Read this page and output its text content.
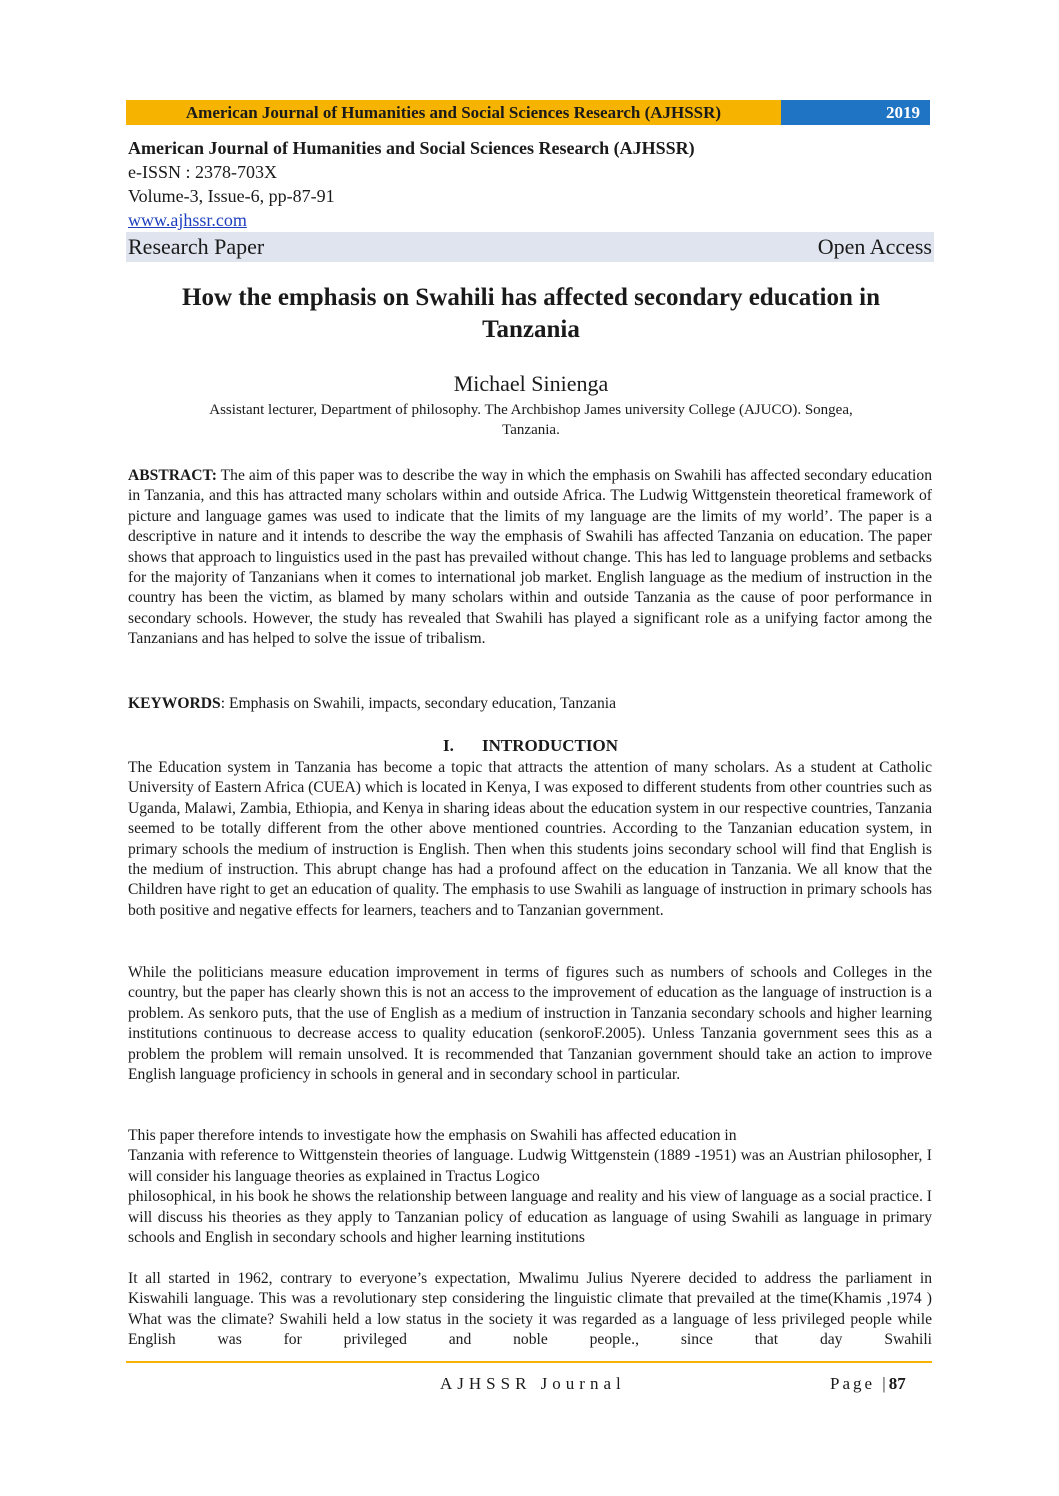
American Journal of Humanities and Social Sciences Research (AJHSSR)	2019
American Journal of Humanities and Social Sciences Research (AJHSSR)
e-ISSN : 2378-703X
Volume-3, Issue-6, pp-87-91
www.ajhssr.com
Research Paper	Open Access
How the emphasis on Swahili has affected secondary education in
Tanzania
Michael Sinienga
Assistant lecturer, Department of philosophy. The Archbishop James university College (AJUCO). Songea,
Tanzania.

ABSTRACT: The aim of this paper was to describe the way in which the emphasis on Swahili has affected secondary education in Tanzania, and this has attracted many scholars within and outside Africa. The Ludwig Wittgenstein theoretical framework of picture and language games was used to indicate that the limits of my language are the limits of my world’. The paper is a descriptive in nature and it intends to describe the way the emphasis of Swahili has affected Tanzania on education. The paper shows that approach to linguistics used in the past has prevailed without change. This has led to language problems and setbacks for the majority of Tanzanians when it comes to international job market. English language as the medium of instruction in the country has been the victim, as blamed by many scholars within and outside Tanzania as the cause of poor performance in secondary schools. However, the study has revealed that Swahili has played a significant role as a unifying factor among the Tanzanians and has helped to solve the issue of tribalism.

KEYWORDS: Emphasis on Swahili, impacts, secondary education, Tanzania

I. INTRODUCTION

The Education system in Tanzania has become a topic that attracts the attention of many scholars. As a student at Catholic University of Eastern Africa (CUEA) which is located in Kenya, I was exposed to different students from other countries such as Uganda, Malawi, Zambia, Ethiopia, and Kenya in sharing ideas about the education system in our respective countries, Tanzania seemed to be totally different from the other above mentioned countries. According to the Tanzanian education system, in primary schools the medium of instruction is English. Then when this students joins secondary school will find that English is the medium of instruction. This abrupt change has had a profound affect on the education in Tanzania. We all know that the Children have right to get an education of quality. The emphasis to use Swahili as language of instruction in primary schools has both positive and negative effects for learners, teachers and to Tanzanian government.

While the politicians measure education improvement in terms of figures such as numbers of schools and Colleges in the country, but the paper has clearly shown this is not an access to the improvement of education as the language of instruction is a problem. As senkoro puts, that the use of English as a medium of instruction in Tanzania secondary schools and higher learning institutions continuous to decrease access to quality education (senkoroF.2005). Unless Tanzania government sees this as a problem the problem will remain unsolved. It is recommended that Tanzanian government should take an action to improve English language proficiency in schools in general and in secondary school in particular.

This paper therefore intends to investigate how the emphasis on Swahili has affected education in

Tanzania with reference to Wittgenstein theories of language. Ludwig Wittgenstein (1889 -1951) was an Austrian philosopher, I will consider his language theories as explained in Tractus Logico

philosophical, in his book he shows the relationship between language and reality and his view of language as a social practice. I will discuss his theories as they apply to Tanzanian policy of education as language of using Swahili as language in primary schools and English in secondary schools and higher learning institutions

It all started in 1962, contrary to everyone’s expectation, Mwalimu Julius Nyerere decided to address the parliament in Kiswahili language. This was a revolutionary step considering the linguistic climate that prevailed at the time(Khamis ,1974 ) What was the climate? Swahili held a low status in the society it was regarded as a language of less privileged people while English was for privileged and noble people., since that day Swahili

AJHSSR Journal	Page |87
